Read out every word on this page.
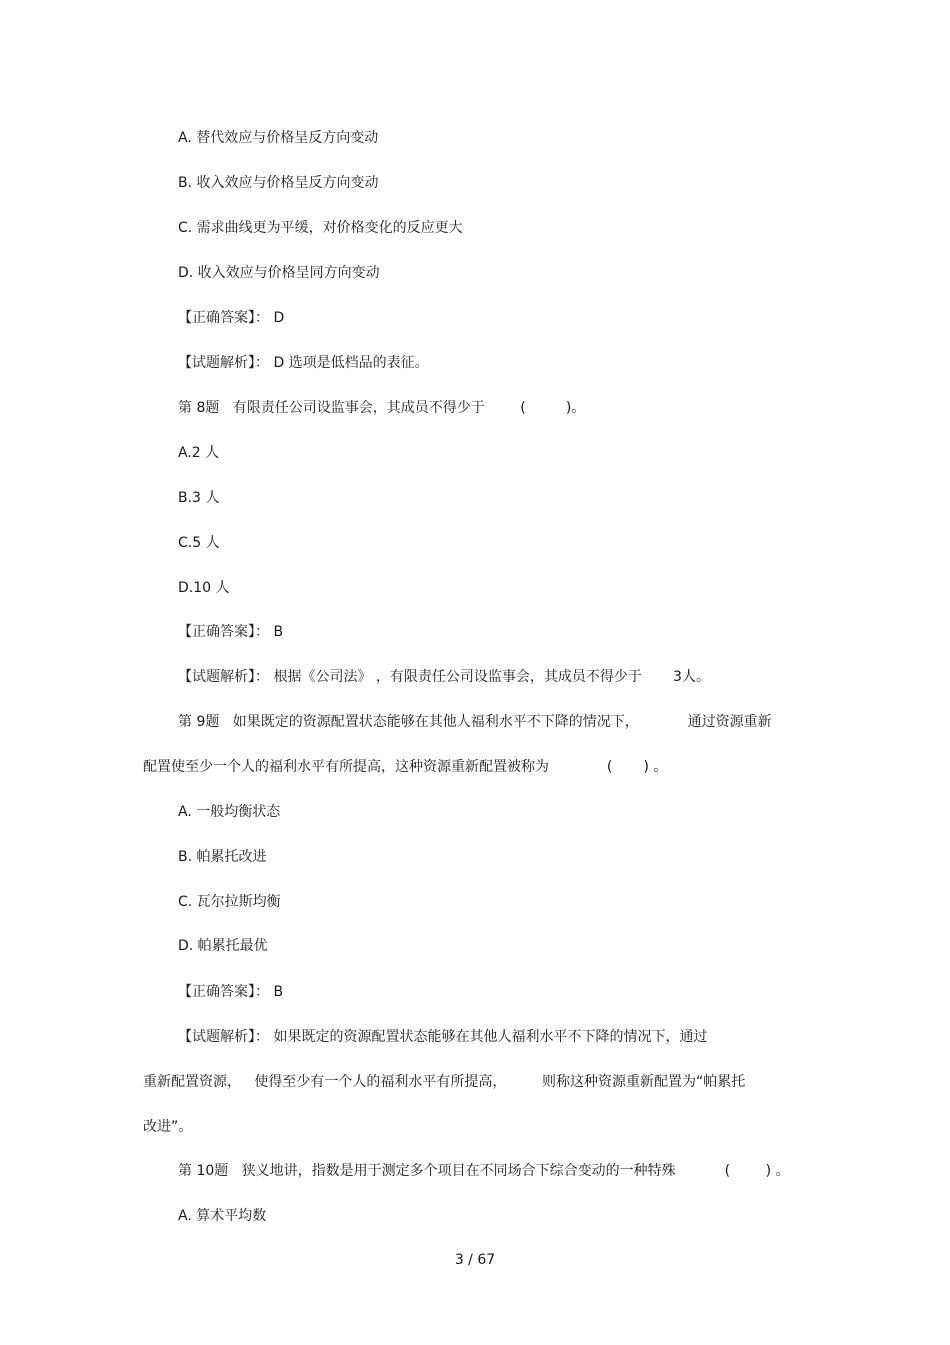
A. 替代效应与价格呈反方向变动
B. 收入效应与价格呈反方向变动
C. 需求曲线更为平缓，对价格变化的反应更大
D. 收入效应与价格呈同方向变动
【正确答案】： D
【试题解析】： D 选项是低档品的表征。
第 8题   有限责任公司设监事会，其成员不得少于        (         )。
A.2 人
B.3 人
C.5 人
D.10 人
【正确答案】： B
【试题解析】： 根据《公司法》 ，有限责任公司设监事会，其成员不得少于       3人。
第 9题   如果既定的资源配置状态能够在其他人福利水平不下降的情况下，           通过资源重新
配置使至少一个人的福利水平有所提高，这种资源重新配置被称为             (       ) 。
A. 一般均衡状态
B. 帕累托改进
C. 瓦尔拉斯均衡
D. 帕累托最优
【正确答案】： B
【试题解析】： 如果既定的资源配置状态能够在其他人福利水平不下降的情况下，通过
重新配置资源，   使得至少有一个人的福利水平有所提高，        则称这种资源重新配置为“帕累托
改进”。
第 10题   狭义地讲，指数是用于测定多个项目在不同场合下综合变动的一种特殊           (        ) 。
A. 算术平均数
3 / 67
